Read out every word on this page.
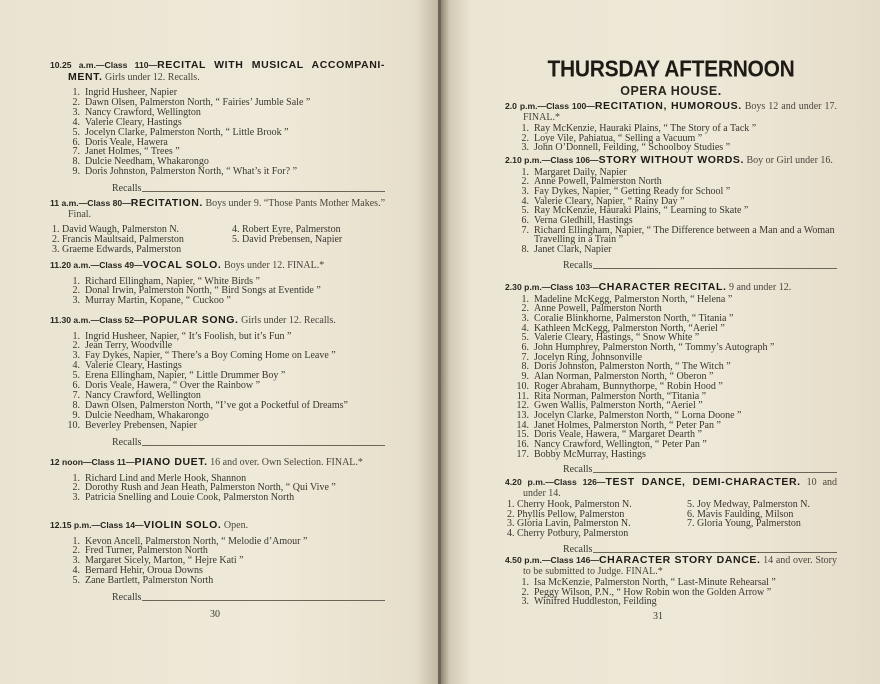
10.25 a.m.—Class 110—RECITAL WITH MUSICAL ACCOMPANI-MENT. Girls under 12. Recalls.
1. Ingrid Husheer, Napier
2. Dawn Olsen, Palmerston North, “ Fairies’ Jumble Sale ”
3. Nancy Crawford, Wellington
4. Valerie Cleary, Hastings
5. Jocelyn Clarke, Palmerston North, “ Little Brook ”
6. Doris Veale, Hawera
7. Janet Holmes, “ Trees ”
8. Dulcie Needham, Whakarongo
9. Doris Johnston, Palmerston North, “ What’s it For? ”
Recalls
11 a.m.—Class 80—RECITATION. Boys under 9. “Those Pants Mother Makes.” Final.
1. David Waugh, Palmerston N.
2. Francis Maultsaid, Palmerston
3. Graeme Edwards, Palmerston
4. Robert Eyre, Palmerston
5. David Prebensen, Napier
11.20 a.m.—Class 49—VOCAL SOLO. Boys under 12. FINAL.*
1. Richard Ellingham, Napier, “ White Birds ”
2. Donal Irwin, Palmerston North, “ Bird Songs at Eventide ”
3. Murray Martin, Kopane, “ Cuckoo ”
11.30 a.m.—Class 52—POPULAR SONG. Girls under 12. Recalls.
1. Ingrid Husheer, Napier, “ It’s Foolish, but it’s Fun ”
2. Jean Terry, Woodville
3. Fay Dykes, Napier, “ There’s a Boy Coming Home on Leave ”
4. Valerie Cleary, Hastings
5. Erena Ellingham, Napier, “ Little Drummer Boy ”
6. Doris Veale, Hawera, “ Over the Rainbow ”
7. Nancy Crawford, Wellington
8. Dawn Olsen, Palmerston North, “I’ve got a Pocketful of Dreams”
9. Dulcie Needham, Whakarongo
10. Beverley Prebensen, Napier
Recalls
12 noon—Class 11—PIANO DUET. 16 and over. Own Selection. FINAL.*
1. Richard Lind and Merle Hook, Shannon
2. Dorothy Rush and Jean Heath, Palmerston North, “ Qui Vive ”
3. Patricia Snelling and Louie Cook, Palmerston North
12.15 p.m.—Class 14—VIOLIN SOLO. Open.
1. Kevon Ancell, Palmerston North, “ Melodie d’Amour ”
2. Fred Turner, Palmerston North
3. Margaret Sicely, Marton, “ Hejre Kati ”
4. Bernard Hehir, Oroua Downs
5. Zane Bartlett, Palmerston North
Recalls
30
THURSDAY AFTERNOON
OPERA HOUSE.
2.0 p.m.—Class 100—RECITATION, HUMOROUS. Boys 12 and under 17. FINAL.*
1. Ray McKenzie, Hauraki Plains, “ The Story of a Tack ”
2. Loye Vile, Pahiatua, “ Selling a Vacuum ”
3. John O’Donnell, Feilding, “ Schoolboy Studies ”
2.10 p.m.—Class 106—STORY WITHOUT WORDS. Boy or Girl under 16.
1. Margaret Daily, Napier
2. Anne Powell, Palmerston North
3. Fay Dykes, Napier, “ Getting Ready for School ”
4. Valerie Cleary, Napier, “ Rainy Day ”
5. Ray McKenzie, Hauraki Plains, “ Learning to Skate ”
6. Verna Gledhill, Hastings
7. Richard Ellingham, Napier, “ The Difference between a Man and a Woman Travelling in a Train ”
8. Janet Clark, Napier
Recalls
2.30 p.m.—Class 103—CHARACTER RECITAL. 9 and under 12.
1. Madeline McKegg, Palmerston North, “ Helena ”
2. Anne Powell, Palmerston North
3. Coralie Blinkhorne, Palmerston North, “ Titania ”
4. Kathleen McKegg, Palmerston North, “Aeriel ”
5. Valerie Cleary, Hastings, “ Snow White ”
6. John Humphrey, Palmerston North, “ Tommy’s Autograph ”
7. Jocelyn Ring, Johnsonville
8. Doris Johnston, Palmerston North, “ The Witch ”
9. Alan Norman, Palmerston North, “ Oberon ”
10. Roger Abraham, Bunnythorpe, “ Robin Hood ”
11. Rita Norman, Palmerston North, “Titania ”
12. Gwen Wallis, Palmerston North, “Aeriel ”
13. Jocelyn Clarke, Palmerston North, “ Lorna Doone ”
14. Janet Holmes, Palmerston North, “ Peter Pan ”
15. Doris Veale, Hawera, “ Margaret Dearth ”
16. Nancy Crawford, Wellington, “ Peter Pan ”
17. Bobby McMurray, Hastings
Recalls
4.20 p.m.—Class 126—TEST DANCE, DEMI-CHARACTER. 10 and under 14.
1. Cherry Hook, Palmerston N.
2. Phyllis Pellow, Palmerston
3. Gloria Lavin, Palmerston N.
4. Cherry Potbury, Palmerston
5. Joy Medway, Palmerston N.
6. Mavis Faulding, Milson
7. Gloria Young, Palmerston
Recalls
4.50 p.m.—Class 146—CHARACTER STORY DANCE. 14 and over. Story to be submitted to Judge. FINAL.*
1. Isa McKenzie, Palmerston North, “ Last-Minute Rehearsal ”
2. Peggy Wilson, P.N., “ How Robin won the Golden Arrow ”
3. Winifred Huddleston, Feilding
31
